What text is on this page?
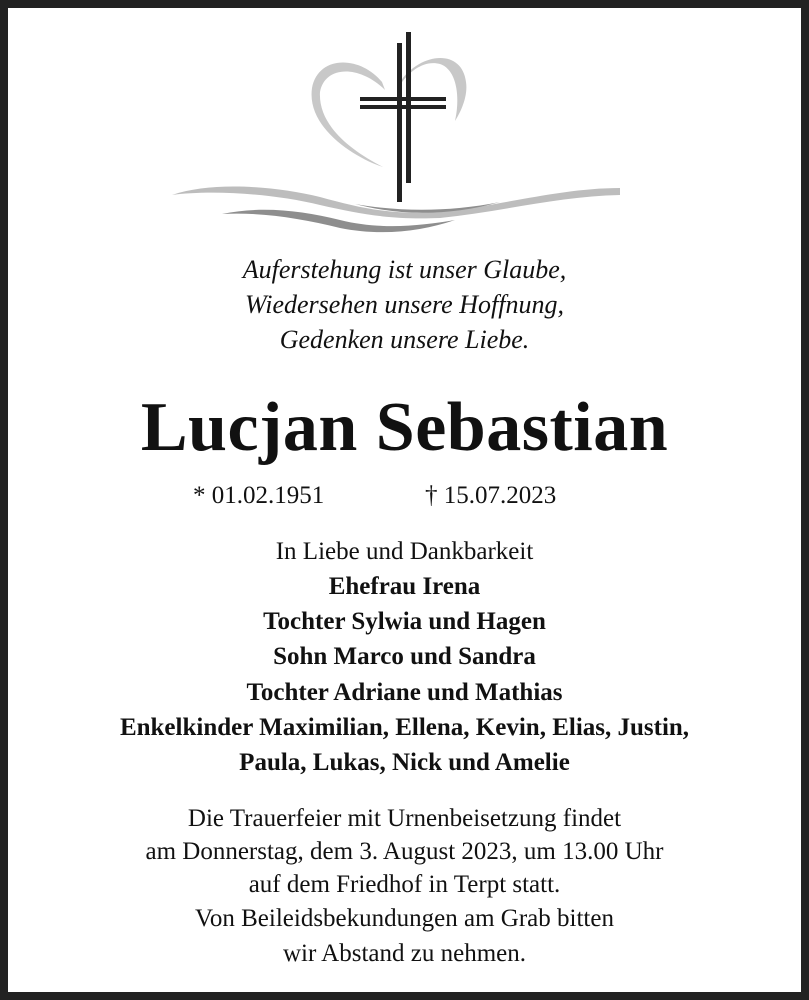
Auferstehung ist unser Glaube,
Wiedersehen unsere Hoffnung,
Gedenken unsere Liebe.
Lucjan Sebastian
* 01.02.1951	† 15.07.2023
In Liebe und Dankbarkeit
Ehefrau Irena
Tochter Sylwia und Hagen
Sohn Marco und Sandra
Tochter Adriane und Mathias
Enkelkinder Maximilian, Ellena, Kevin, Elias, Justin,
Paula, Lukas, Nick und Amelie
Die Trauerfeier mit Urnenbeisetzung findet
am Donnerstag, dem 3. August 2023, um 13.00 Uhr
auf dem Friedhof in Terpt statt.
Von Beileidsbekundungen am Grab bitten
wir Abstand zu nehmen.
